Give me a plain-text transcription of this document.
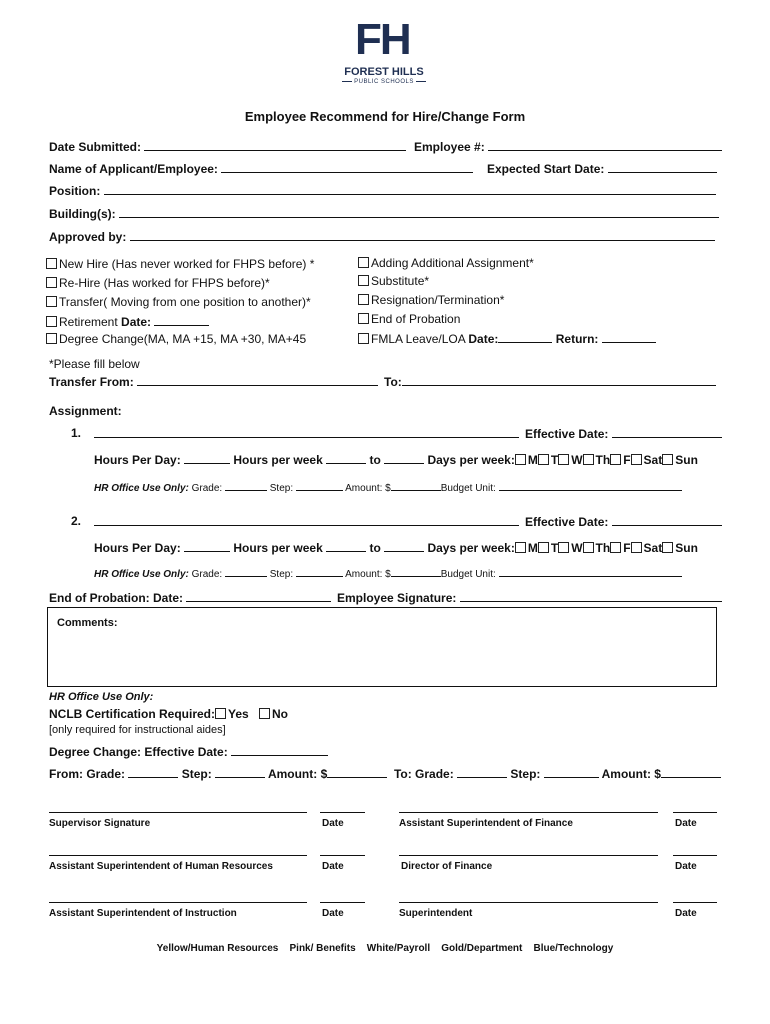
FH
FOREST HILLS
PUBLIC SCHOOLS
Employee Recommend for Hire/Change Form
Date Submitted:	Employee #:
Name of Applicant/Employee:	Expected Start Date:
Position:
Building(s):
Approved by:
New Hire (Has never worked for FHPS before) *
Re-Hire (Has worked for FHPS before)*
Transfer( Moving from one position to another)*
Retirement Date:
Degree Change(MA, MA +15, MA +30, MA+45
Adding Additional Assignment*
Substitute*
Resignation/Termination*
End of Probation
FMLA Leave/LOA Date:	Return:
*Please fill below
Transfer From:	To:
Assignment:
1.	Effective Date:
Hours Per Day:	Hours per week	to	Days per week: M T W Th F Sat Sun
HR Office Use Only: Grade:	Step:	Amount: $	Budget Unit:
2.	Effective Date:
Hours Per Day:	Hours per week	to	Days per week: M T W Th F Sat Sun
HR Office Use Only: Grade:	Step:	Amount: $	Budget Unit:
End of Probation: Date:	Employee Signature:
Comments:
HR Office Use Only:
NCLB Certification Required: Yes	No
[only required for instructional aides]
Degree Change: Effective Date:
From: Grade:	Step:	Amount: $	To: Grade:	Step:	Amount: $
Supervisor Signature	Date	Assistant Superintendent of Finance	Date
Assistant Superintendent of Human Resources	Date	Director of Finance	Date
Assistant Superintendent of Instruction	Date	Superintendent	Date
Yellow/Human Resources Pink/ Benefits White/Payroll Gold/Department Blue/Technology
